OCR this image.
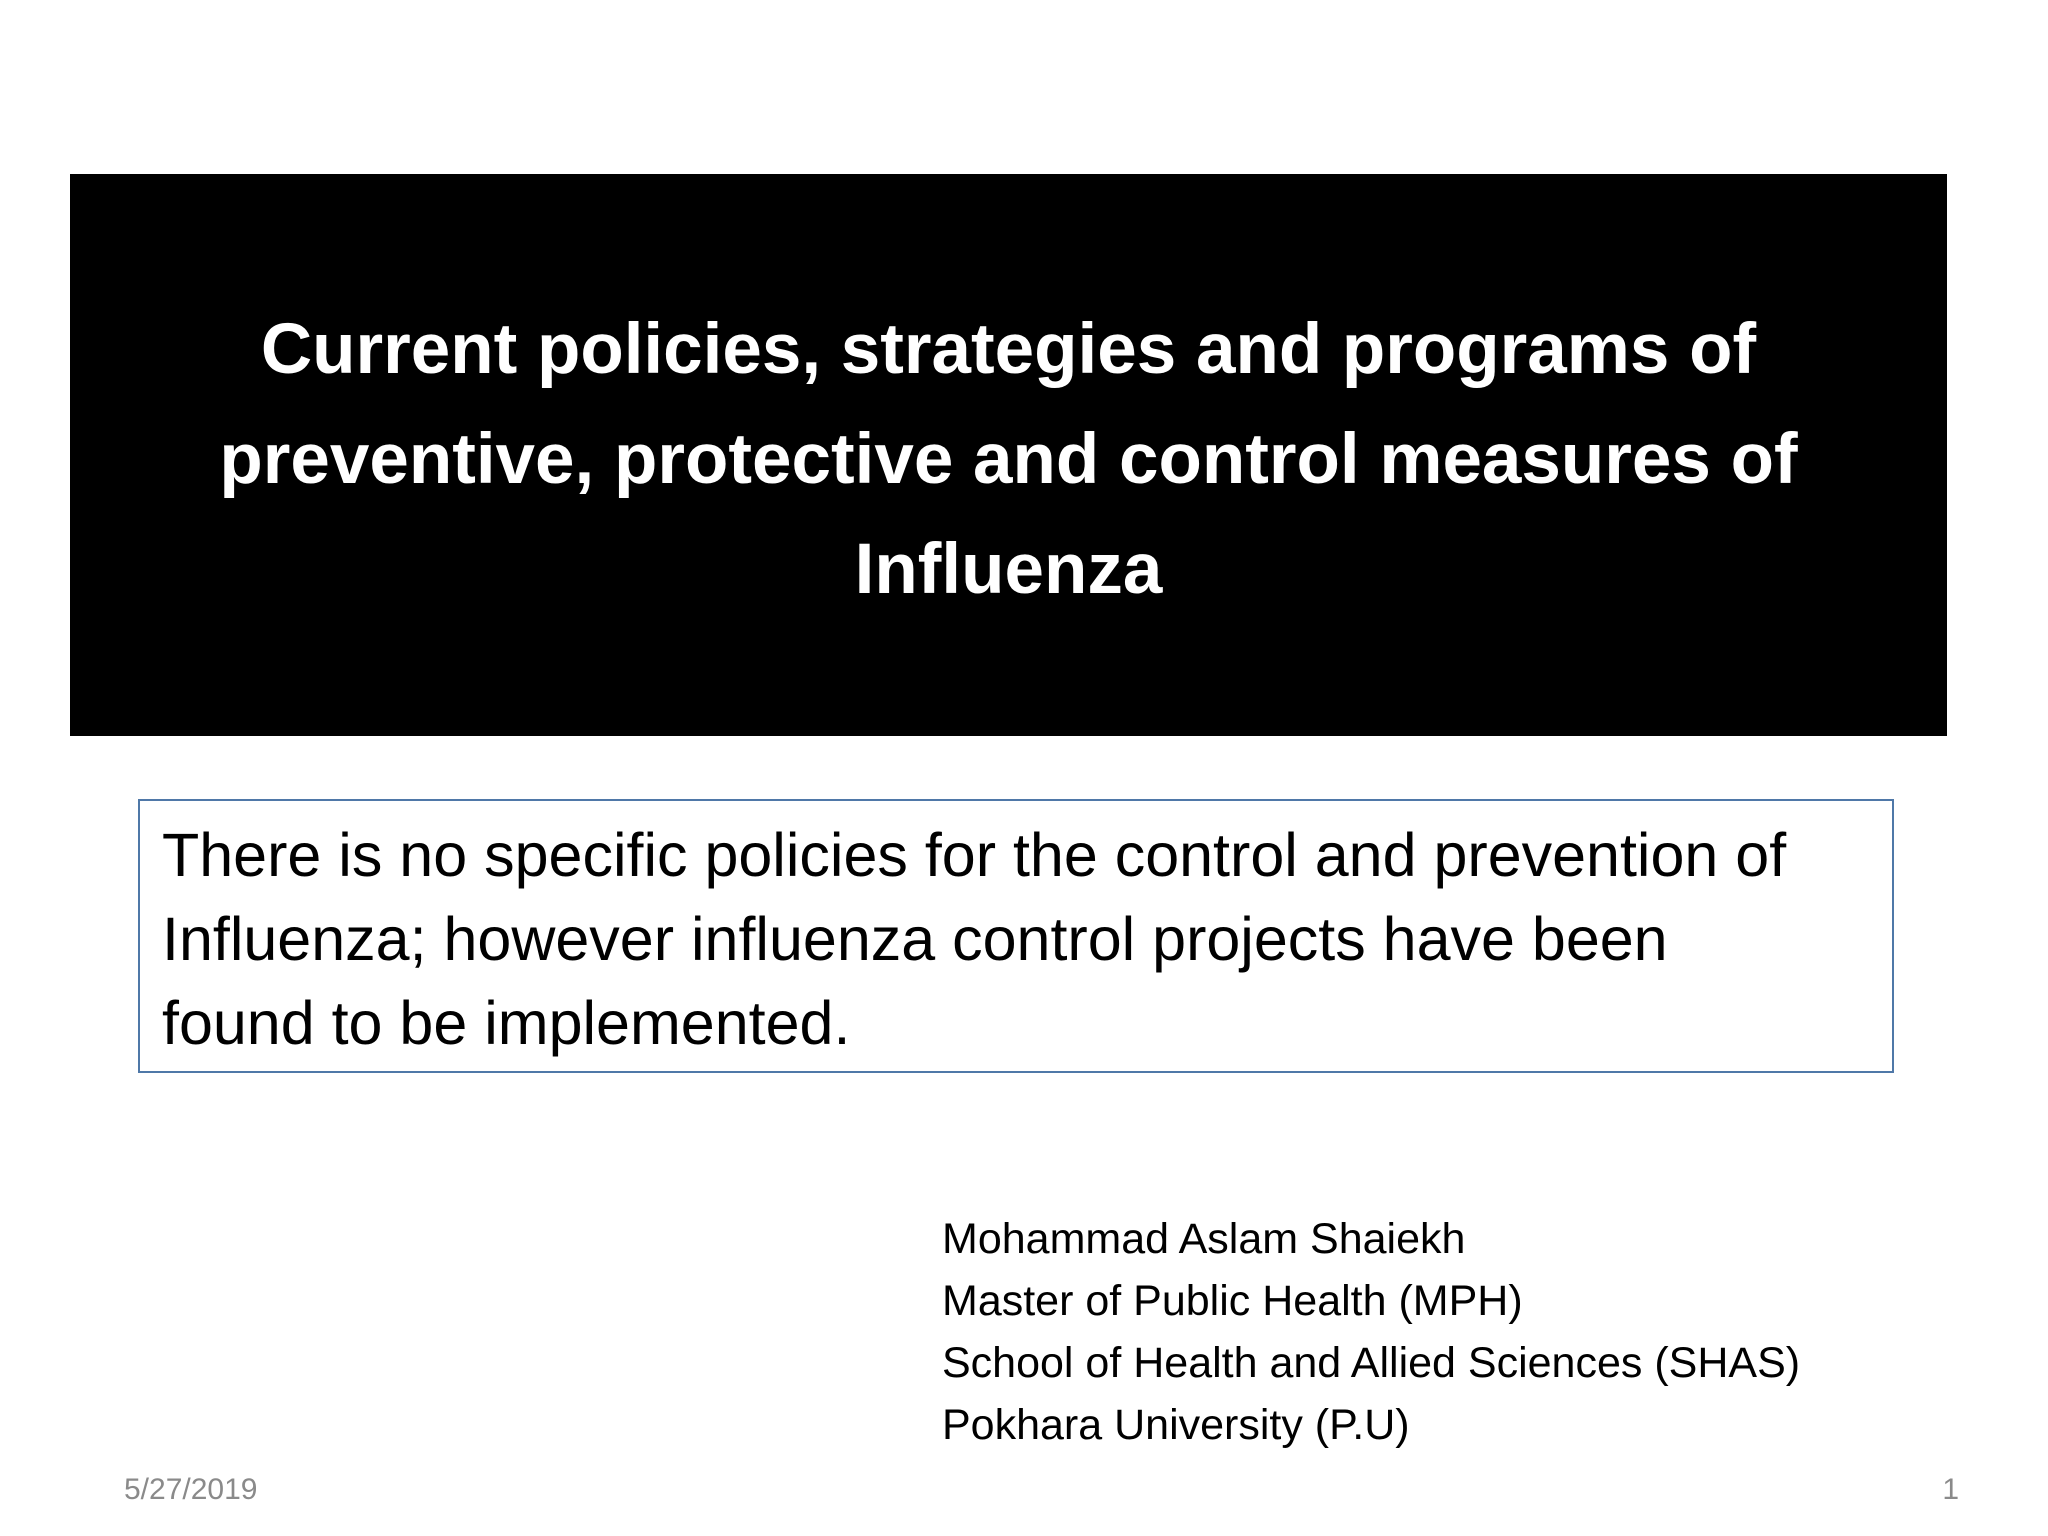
Current policies, strategies and programs of
preventive, protective and control measures of
Influenza

There is no specific policies for the control and prevention of
Influenza; however influenza control projects have been
found to be implemented.

Mohammad Aslam Shaiekh
Master of Public Health (MPH)
School of Health and Allied Sciences (SHAS)
Pokhara University (P.U)
5/27/2019	1
